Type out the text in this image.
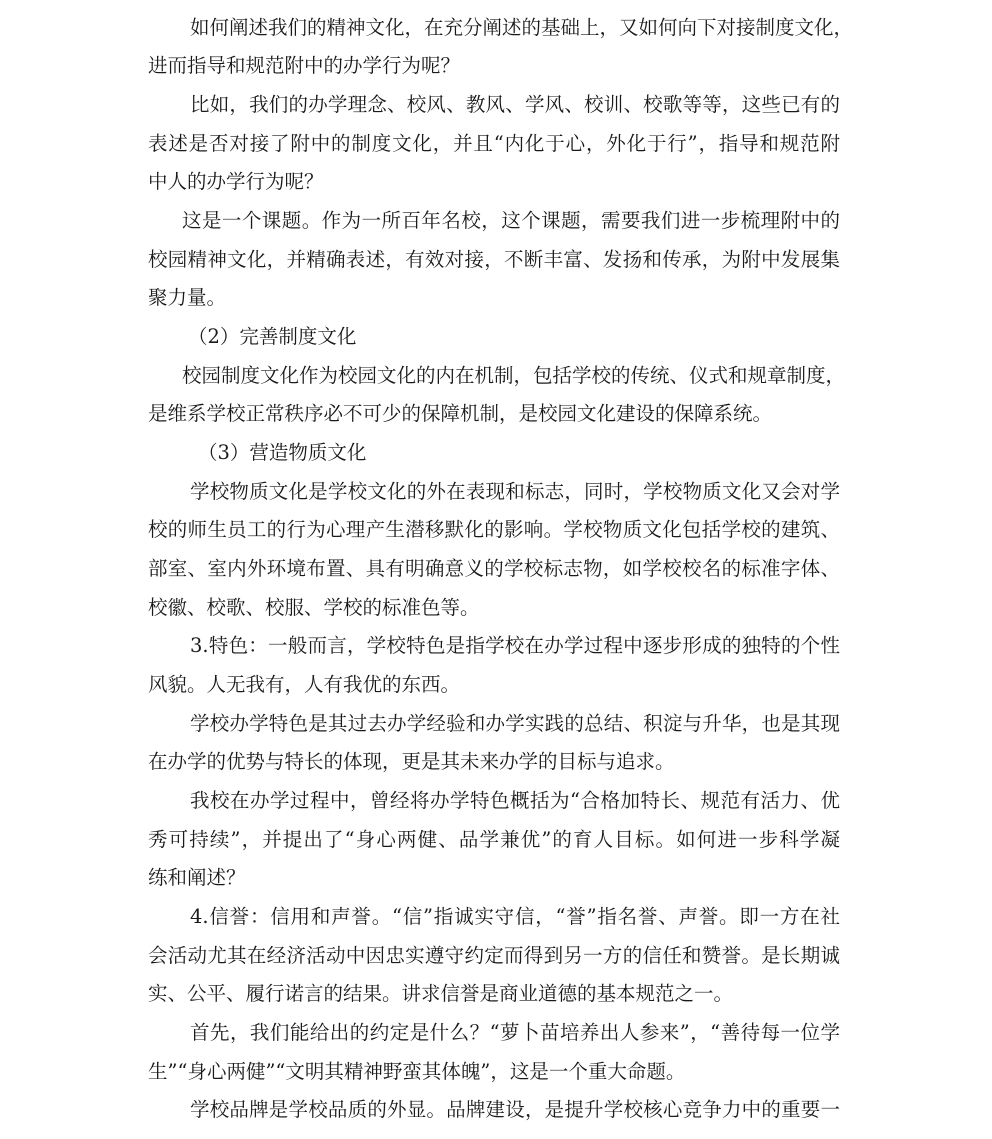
如何阐述我们的精神文化，在充分阐述的基础上，又如何向下对接制度文化，
进而指导和规范附中的办学行为呢？
比如，我们的办学理念、校风、教风、学风、校训、校歌等等，这些已有的
表述是否对接了附中的制度文化，并且“内化于心，外化于行”，指导和规范附
中人的办学行为呢？
这是一个课题。作为一所百年名校，这个课题，需要我们进一步梳理附中的
校园精神文化，并精确表述，有效对接，不断丰富、发扬和传承，为附中发展集
聚力量。
（2）完善制度文化
校园制度文化作为校园文化的内在机制，包括学校的传统、仪式和规章制度，
是维系学校正常秩序必不可少的保障机制，是校园文化建设的保障系统。
（3）营造物质文化
学校物质文化是学校文化的外在表现和标志，同时，学校物质文化又会对学
校的师生员工的行为心理产生潜移默化的影响。学校物质文化包括学校的建筑、
部室、室内外环境布置、具有明确意义的学校标志物，如学校校名的标准字体、
校徽、校歌、校服、学校的标准色等。
3.特色：一般而言，学校特色是指学校在办学过程中逐步形成的独特的个性
风貌。人无我有，人有我优的东西。
学校办学特色是其过去办学经验和办学实践的总结、积淀与升华，也是其现
在办学的优势与特长的体现，更是其未来办学的目标与追求。
我校在办学过程中，曾经将办学特色概括为“合格加特长、规范有活力、优
秀可持续”，并提出了“身心两健、品学兼优”的育人目标。如何进一步科学凝
练和阐述？
4.信誉：信用和声誉。“信”指诚实守信，“誉”指名誉、声誉。即一方在社
会活动尤其在经济活动中因忠实遵守约定而得到另一方的信任和赞誉。是长期诚
实、公平、履行诺言的结果。讲求信誉是商业道德的基本规范之一。
首先，我们能给出的约定是什么？“萝卜苗培养出人参来”，“善待每一位学
生”“身心两健”“文明其精神野蛮其体魄”，这是一个重大命题。
学校品牌是学校品质的外显。品牌建设，是提升学校核心竞争力中的重要一
